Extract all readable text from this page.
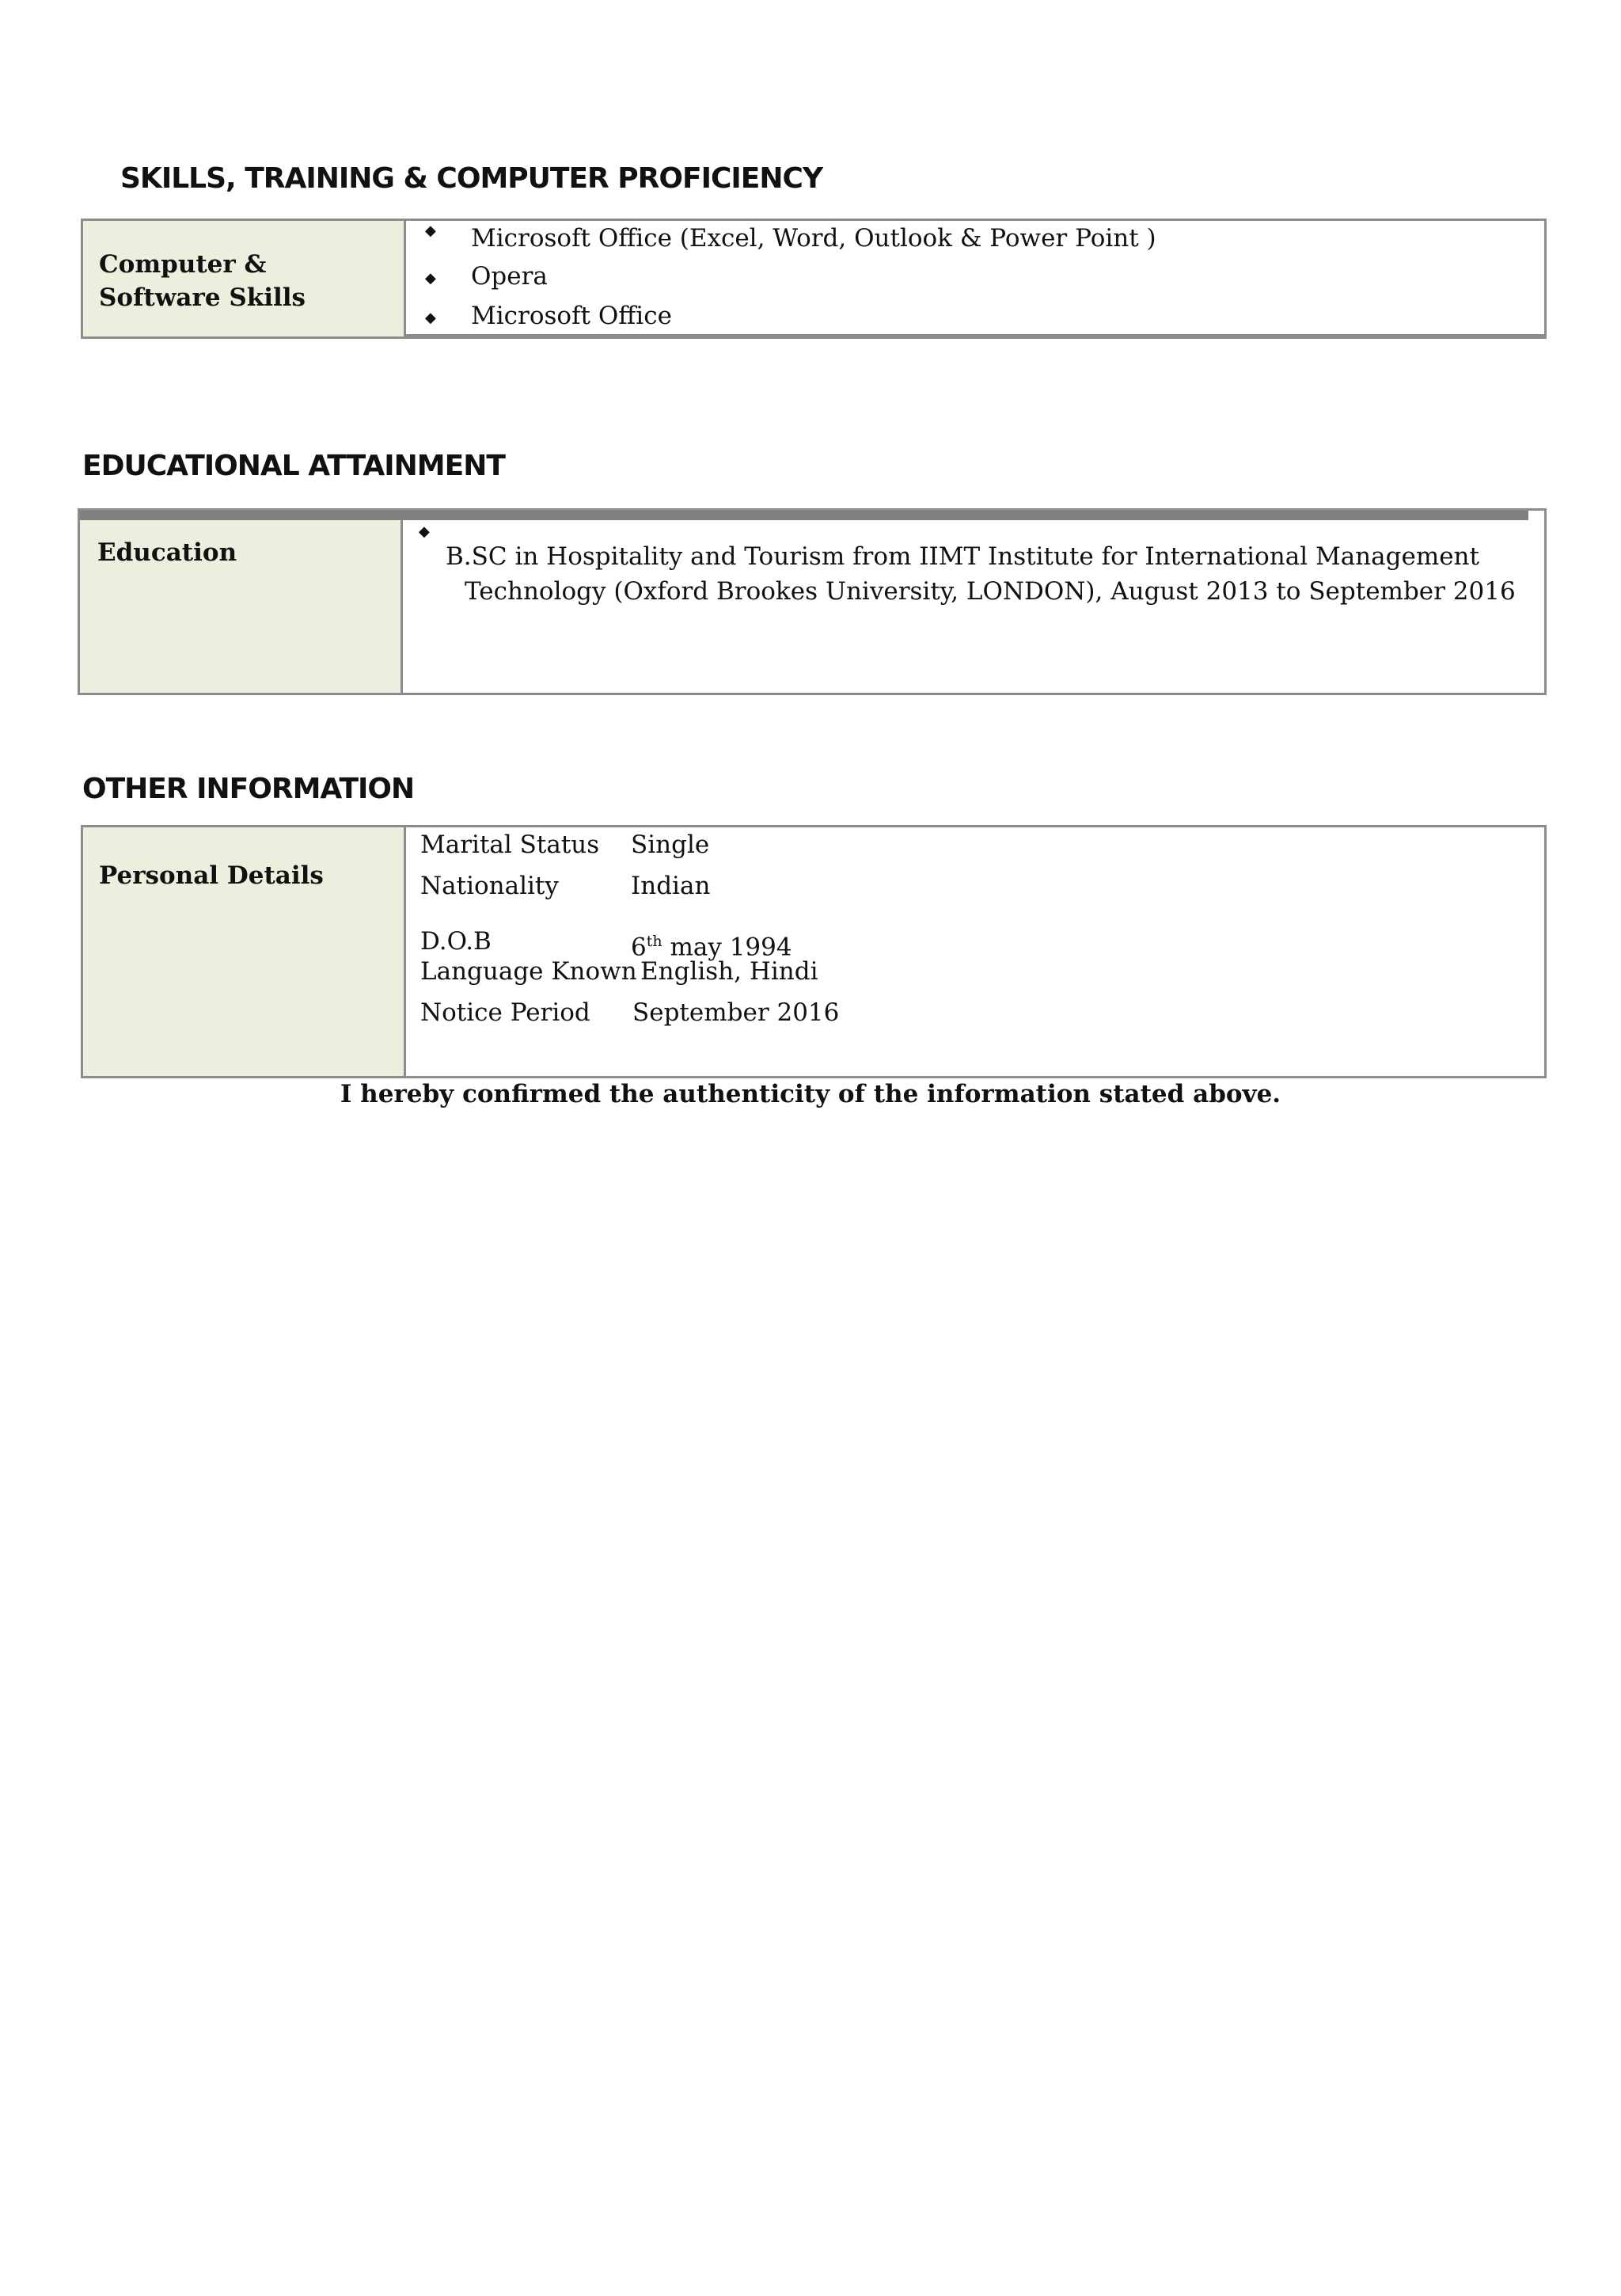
SKILLS, TRAINING & COMPUTER PROFICIENCY
Computer & Software Skills
◆ Microsoft Office (Excel, Word, Outlook & Power Point )
◆ Opera
◆ Microsoft Office
EDUCATIONAL ATTAINMENT
Education
◆
B.SC in Hospitality and Tourism from IIMT Institute for International Management
Technology (Oxford Brookes University, LONDON), August 2013 to September 2016
OTHER INFORMATION
Personal Details
Marital Status Single
Nationality	Indian
D.O.B	6th may 1994
Language Known English, Hindi
Notice Period September 2016
I hereby confirmed the authenticity of the information stated above.
